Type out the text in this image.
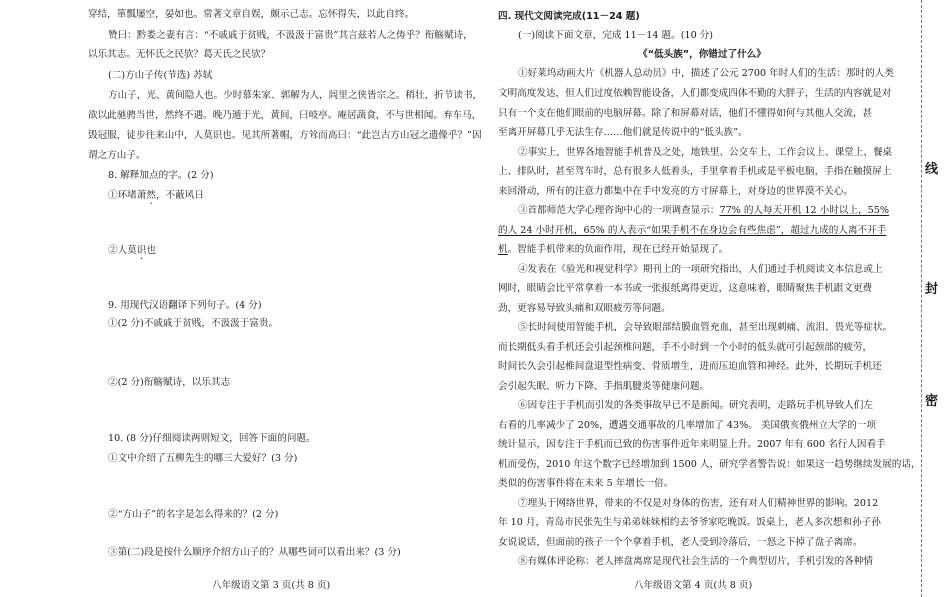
穿结，箪瓢屡空，晏如也。常著文章自娱，颇示己志。忘怀得失，以此自终。
赞曰：黔娄之妻有言：“不戚戚于贫贱，不汲汲于富贵”其言兹若人之俦乎？衔觞赋诗，
以乐其志。无怀氏之民欤？葛天氏之民欤？
(二)方山子传(节选) 苏轼
方山子，光、黄间隐人也。少时慕朱家、郭解为人，闾里之侠皆宗之。稍壮，折节读书，
欲以此驰骋当世，然终不遇。晚乃遁于光，黄间，曰岐亭。庵居蔬食，不与世相闻。弃车马，
毁冠服，徒步往来山中，人莫识也。见其所著帽，方耸而高曰：“此岂古方山冠之遗像乎？”因
谓之方山子。
8. 解释加点的字。(2 分)
①环堵萧然，不蔽风日
②人莫识也
9. 用现代汉语翻译下列句子。(4 分)
①(2 分)不戚戚于贫贱，不汲汲于富贵。
②(2 分)衔觞赋诗，以乐其志
10. (8 分)仔细阅读两则短文，回答下面的问题。
①文中介绍了五柳先生的哪三大爱好？(3 分)
②“方山子”的名字是怎么得来的？(2 分)
③第(二)段是按什么顺序介绍方山子的？从哪些词可以看出来？(3 分)
八年级语文第 3 页(共 8 页)
四. 现代文阅读完成(11－24 题)
(一)阅读下面文章，完成 11－14 题。(10 分)
《“低头族”，你错过了什么》
①好莱坞动画大片《机器人总动员》中，描述了公元 2700 年时人们的生活：那时的人类
文明高度发达，但人们过度依赖智能设备，人们都变成四体不勤的大胖子，生活的内容就是对
只有一个支在他们眼前的电脑屏幕。除了和屏幕对话，他们不懂得如何与其他人交流，甚
至离开屏幕几乎无法生存……他们就是传说中的“低头族”。
②事实上，世界各地智能手机普及之处，地铁里、公交车上、工作会议上、课堂上、餐桌
上、排队时，甚至驾车时，总有很多人低着头，手里拿着手机或是平板电脑，手指在触摸屏上
来回滑动，所有的注意力都集中在手中发亮的方寸屏幕上，对身边的世界漠不关心。
③首都师范大学心理咨询中心的一项调查显示：77% 的人每天开机 12 小时以上，55%
的人 24 小时开机，65% 的人表示“如果手机不在身边会有些焦虑”，超过九成的人离不开手
机。智能手机带来的负面作用，现在已经开始显现了。
④发表在《验光和视觉科学》期刊上的一项研究指出，人们通过手机阅读文本信息或上
网时，眼睛会比平常拿着一本书或一张报纸离得更近，这意味着，眼睛聚焦手机跟文更费
劲，更容易导致头痛和双眼疲劳等问题。
⑤长时间使用智能手机，会导致眼部结膜血管充血，甚至出现刺痛、流泪、畏光等症状。
而长期低头看手机还会引起颈椎问题，手不小时到一个小时的低头就可引起颈部的疲劳，
时间长久会引起椎间盘退型性病变、骨质增生，进而压迫血管和神经。此外，长期玩手机还
会引起失眠、听力下降、手指肌腱炎等健康问题。
⑥因专注于手机而引发的各类事故早已不是新闻。研究表明，走路玩手机导致人们左
右看的几率减少了 20%，遭遇交通事故的几率增加了 43%。 美国俄亥俄州立大学的一项
统计显示，因专注于手机而已致的伤害事件近年来明显上升。2007 年有 600 名行人因看手
机而受伤，2010 年这个数字已经增加到 1500 人，研究学者警告说：如果这一趋势继续发展的话，
类似的伤害事件将在未来 5 年增长一倍。
⑦埋头于网络世界，带来的不仅是对身体的伤害，还有对人们精神世界的影响。2012
年 10 月，青岛市民张先生与弟弟妹妹相约去爷爷家吃晚饭。饭桌上，老人多次想和孙子孙
女说说话，但面前的孩子一个个拿着手机，老人受到冷落后，一怒之下掉了盘子离席。
⑧有媒体评论称：老人摔盘离席是现代社会生活的一个典型切片，手机引发的各种情
八年级语文第 4 页(共 8 页)
线
封
密
